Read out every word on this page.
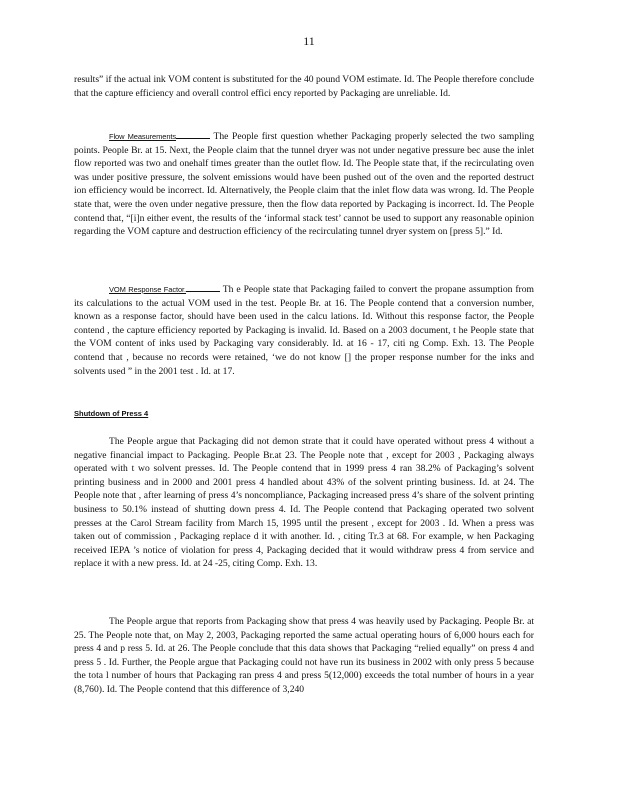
11
results” if the actual ink VOM content is substituted for the 40 pound VOM estimate. Id. The People therefore conclude that the capture efficiency and overall control effici ency reported by Packaging are unreliable. Id.
Flow Measurements	The People first question whether Packaging properly selected the two sampling points. People Br. at 15. Next, the People claim that the tunnel dryer was not under negative pressure bec ause the inlet flow reported was two and onehalf times greater than the outlet flow. Id. The People state that, if the recirculating oven was under positive pressure, the solvent emissions would have been pushed out of the oven and the reported destruct ion efficiency would be incorrect. Id. Alternatively, the People claim that the inlet flow data was wrong. Id. The People state that, were the oven under negative pressure, then the flow data reported by Packaging is incorrect. Id. The People contend that, “[i]n either event, the results of the ‘informal stack test’ cannot be used to support any reasonable opinion regarding the VOM capture and destruction efficiency of the recirculating tunnel dryer system on [press 5].” Id.
VOM Response Factor.	Th e People state that Packaging failed to convert the propane assumption from its calculations to the actual VOM used in the test. People Br. at 16. The People contend that a conversion number, known as a response factor, should have been used in the calcu lations. Id. Without this response factor, the People contend , the capture efficiency reported by Packaging is invalid. Id. Based on a 2003 document, t he People state that the VOM content of inks used by Packaging vary considerably. Id. at 16 - 17, citi ng Comp. Exh. 13. The People contend that , because no records were retained, ‘we do not know [] the proper response number for the inks and solvents used ” in the 2001 test . Id. at 17.
Shutdown of Press 4
The People argue that Packaging did not demon strate that it could have operated without press 4 without a negative financial impact to Packaging. People Br.at 23. The People note that , except for 2003 , Packaging always operated with t wo solvent presses. Id. The People contend that in 1999 press 4 ran 38.2% of Packaging’s solvent printing business and in 2000 and 2001 press 4 handled about 43% of the solvent printing business. Id. at 24. The People note that , after learning of press 4’s noncompliance, Packaging increased press 4’s share of the solvent printing business to 50.1% instead of shutting down press 4. Id. The People contend that Packaging operated two solvent presses at the Carol Stream facility from March 15, 1995 until the present , except for 2003 . Id. When a press was taken out of commission , Packaging replace d it with another. Id. , citing Tr.3 at 68. For example, w hen Packaging received IEPA ’s notice of violation for press 4, Packaging decided that it would withdraw press 4 from service and replace it with a new press. Id. at 24 -25, citing Comp. Exh. 13.
The People argue that reports from Packaging show that press 4 was heavily used by Packaging. People Br. at 25. The People note that, on May 2, 2003, Packaging reported the same actual operating hours of 6,000 hours each for press 4 and p ress 5. Id. at 26. The People conclude that this data shows that Packaging “relied equally” on press 4 and press 5 . Id. Further, the People argue that Packaging could not have run its business in 2002 with only press 5 because the tota l number of hours that Packaging ran press 4 and press 5(12,000) exceeds the total number of hours in a year (8,760). Id. The People contend that this difference of 3,240
